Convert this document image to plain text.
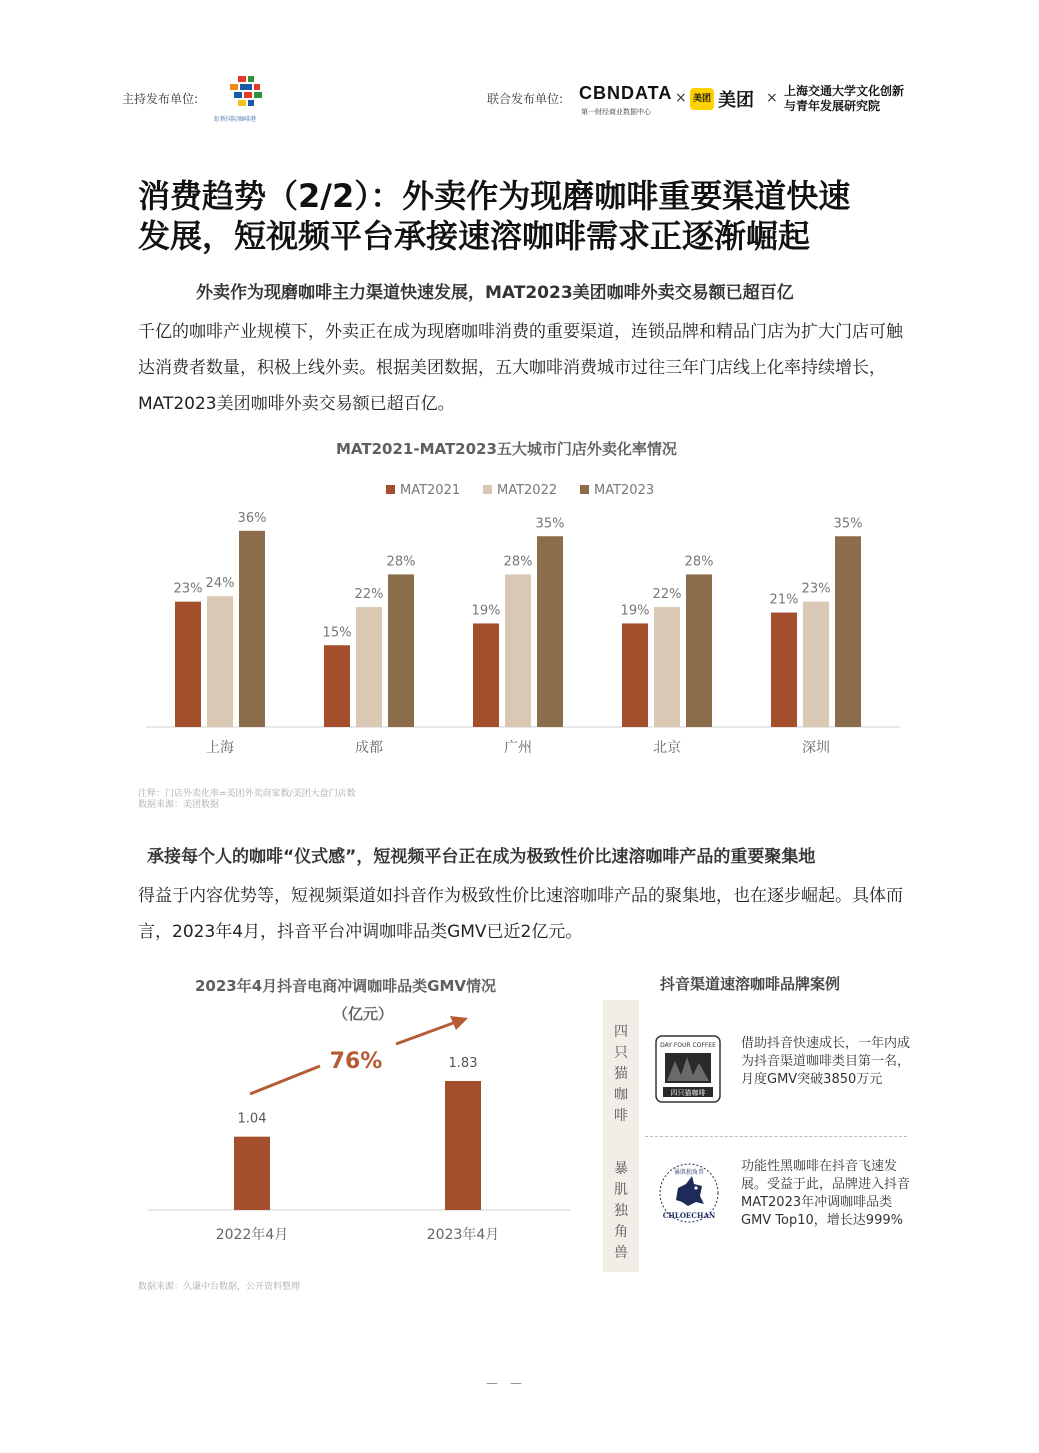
主持发布单位:
虹桥国际咖啡港
联合发布单位: CBNDATA
第一财经商业数据中心
× 美团 美团 × 上海交通大学文化创新
与青年发展研究院
消费趋势（2/2）：外卖作为现磨咖啡重要渠道快速
发展，短视频平台承接速溶咖啡需求正逐渐崛起
外卖作为现磨咖啡主力渠道快速发展，MAT2023美团咖啡外卖交易额已超百亿
千亿的咖啡产业规模下，外卖正在成为现磨咖啡消费的重要渠道，连锁品牌和精品门店为扩大门店可触达消费者数量，积极上线外卖。根据美团数据，五大咖啡消费城市过往三年门店线上化率持续增长，MAT2023美团咖啡外卖交易额已超百亿。
MAT2021-MAT2023五大城市门店外卖化率情况
MAT2021	MAT2022	MAT2023
23% 24%
36%
上海
15%
22%
28%
成都
19%
28%
35%
广州
19%
22%
28%
北京
21%
23%
35%
深圳
注释：门店外卖化率=美团外卖商家数/美团大盘门店数
数据来源：美团数据
承接每个人的咖啡“仪式感”，短视频平台正在成为极致性价比速溶咖啡产品的重要聚集地
得益于内容优势等，短视频渠道如抖音作为极致性价比速溶咖啡产品的聚集地，也在逐步崛起。具体而言，2023年4月，抖音平台冲调咖啡品类GMV已近2亿元。
2023年4月抖音电商冲调咖啡品类GMV情况
（亿元）
1.04
2022年4月
1.83
2023年4月
76%
数据来源：久谦中台数据，公开资料整理
抖音渠道速溶咖啡品牌案例
四
只
猫
咖
啡
暴
肌
独
角
兽
DAY FOUR COFFEE
四只猫咖啡
借助抖音快速成长，一年内成为抖音渠道咖啡类目第一名，月度GMV突破3850万元
暴肌独角兽
CHLOECHAN
功能性黑咖啡在抖音飞速发展。受益于此，品牌进入抖音MAT2023年冲调咖啡品类GMV Top10，增长达999%
—　—
